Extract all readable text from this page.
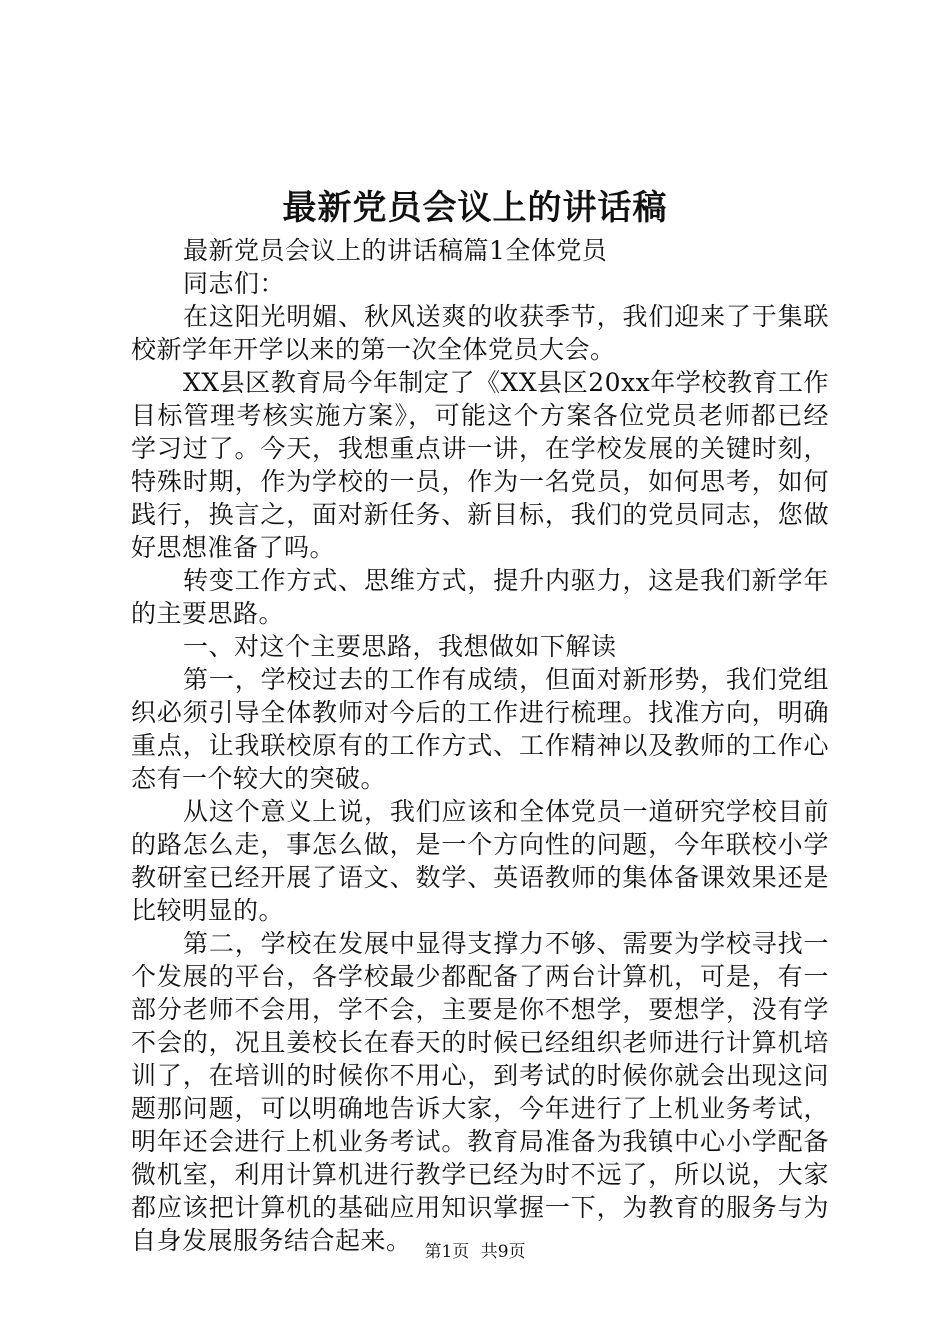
最新党员会议上的讲话稿

最新党员会议上的讲话稿篇1全体党员

同志们：

在这阳光明媚、秋风送爽的收获季节，我们迎来了于集联校新学年开学以来的第一次全体党员大会。

XX县区教育局今年制定了《XX县区20xx年学校教育工作目标管理考核实施方案》，可能这个方案各位党员老师都已经学习过了。今天，我想重点讲一讲，在学校发展的关键时刻，特殊时期，作为学校的一员，作为一名党员，如何思考，如何践行，换言之，面对新任务、新目标，我们的党员同志，您做好思想准备了吗。

转变工作方式、思维方式，提升内驱力，这是我们新学年的主要思路。

一、对这个主要思路，我想做如下解读

第一，学校过去的工作有成绩，但面对新形势，我们党组织必须引导全体教师对今后的工作进行梳理。找准方向，明确重点，让我联校原有的工作方式、工作精神以及教师的工作心态有一个较大的突破。

从这个意义上说，我们应该和全体党员一道研究学校目前的路怎么走，事怎么做，是一个方向性的问题，今年联校小学教研室已经开展了语文、数学、英语教师的集体备课效果还是比较明显的。

第二，学校在发展中显得支撑力不够、需要为学校寻找一个发展的平台，各学校最少都配备了两台计算机，可是，有一部分老师不会用，学不会，主要是你不想学，要想学，没有学不会的，况且姜校长在春天的时候已经组织老师进行计算机培训了，在培训的时候你不用心，到考试的时候你就会出现这问题那问题，可以明确地告诉大家，今年进行了上机业务考试，明年还会进行上机业务考试。教育局准备为我镇中心小学配备微机室，利用计算机进行教学已经为时不远了，所以说，大家都应该把计算机的基础应用知识掌握一下，为教育的服务与为自身发展服务结合起来。 第1页 共9页
